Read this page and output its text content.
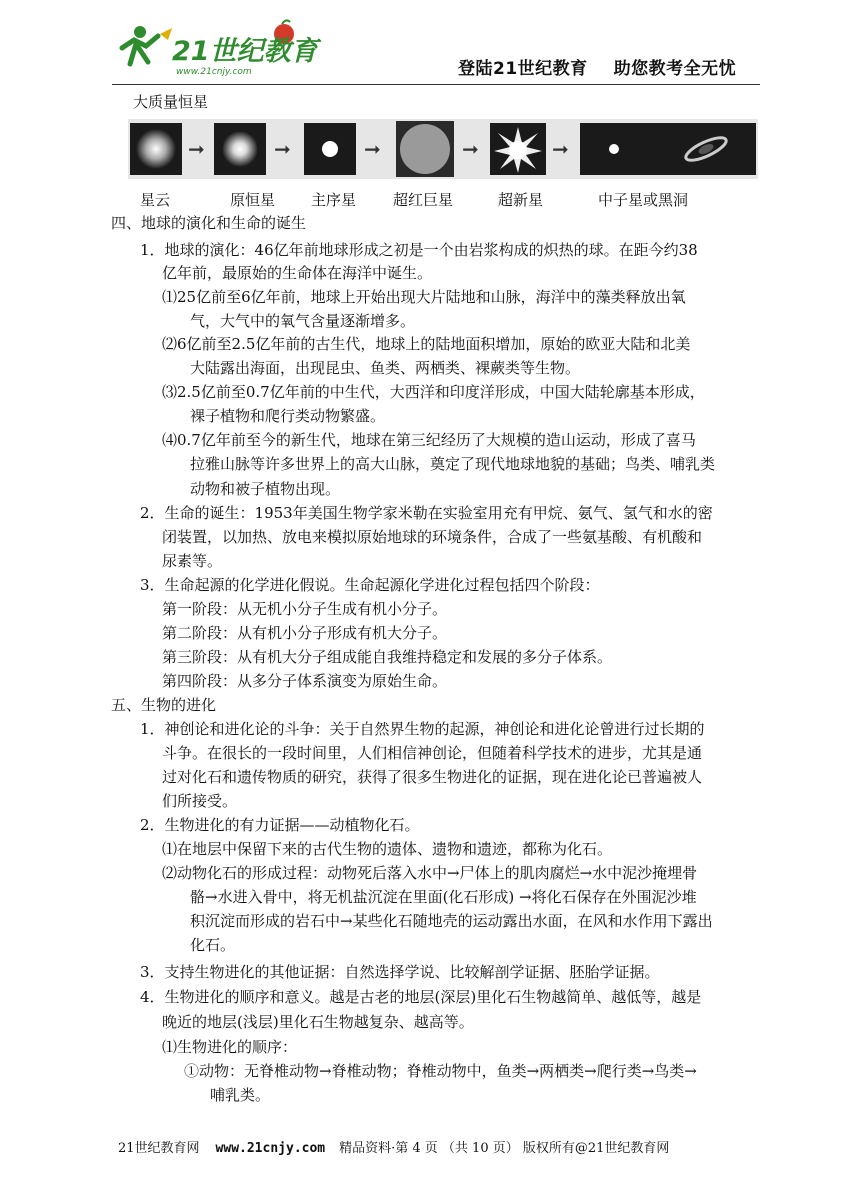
21世纪教育
www.21cnjy.com	登陆21世纪教育 助您教考全无忧
大质量恒星
➞	➞	➞	➞	➞
星云	原恒星 主序星 超红巨星	超新星	中子星或黑洞
四、地球的演化和生命的诞生
1．地球的演化：46亿年前地球形成之初是一个由岩浆构成的炽热的球。在距今约38
亿年前，最原始的生命体在海洋中诞生。
⑴25亿前至6亿年前，地球上开始出现大片陆地和山脉，海洋中的藻类释放出氧
气，大气中的氧气含量逐渐增多。
⑵6亿前至2.5亿年前的古生代，地球上的陆地面积增加，原始的欧亚大陆和北美
大陆露出海面，出现昆虫、鱼类、两栖类、裸蕨类等生物。
⑶2.5亿前至0.7亿年前的中生代，大西洋和印度洋形成，中国大陆轮廓基本形成，
裸子植物和爬行类动物繁盛。
⑷0.7亿年前至今的新生代，地球在第三纪经历了大规模的造山运动，形成了喜马
拉雅山脉等许多世界上的高大山脉，奠定了现代地球地貌的基础；鸟类、哺乳类
动物和被子植物出现。
2．生命的诞生：1953年美国生物学家米勒在实验室用充有甲烷、氨气、氢气和水的密
闭装置，以加热、放电来模拟原始地球的环境条件，合成了一些氨基酸、有机酸和
尿素等。
3．生命起源的化学进化假说。生命起源化学进化过程包括四个阶段：
第一阶段：从无机小分子生成有机小分子。
第二阶段：从有机小分子形成有机大分子。
第三阶段：从有机大分子组成能自我维持稳定和发展的多分子体系。
第四阶段：从多分子体系演变为原始生命。
五、生物的进化
1．神创论和进化论的斗争：关于自然界生物的起源，神创论和进化论曾进行过长期的
斗争。在很长的一段时间里，人们相信神创论，但随着科学技术的进步，尤其是通
过对化石和遗传物质的研究，获得了很多生物进化的证据，现在进化论已普遍被人
们所接受。
2．生物进化的有力证据——动植物化石。
⑴在地层中保留下来的古代生物的遗体、遗物和遗迹，都称为化石。
⑵动物化石的形成过程：动物死后落入水中→尸体上的肌肉腐烂→水中泥沙掩埋骨
骼→水进入骨中，将无机盐沉淀在里面(化石形成) →将化石保存在外围泥沙堆
积沉淀而形成的岩石中→某些化石随地壳的运动露出水面，在风和水作用下露出
化石。
3．支持生物进化的其他证据：自然选择学说、比较解剖学证据、胚胎学证据。
4．生物进化的顺序和意义。越是古老的地层(深层)里化石生物越简单、越低等，越是
晚近的地层(浅层)里化石生物越复杂、越高等。
⑴生物进化的顺序：
①动物：无脊椎动物→脊椎动物；脊椎动物中，鱼类→两栖类→爬行类→鸟类→
哺乳类。
21世纪教育网 www.21cnjy.com 精品资料·第 4 页 （共 10 页） 版权所有@21世纪教育网
